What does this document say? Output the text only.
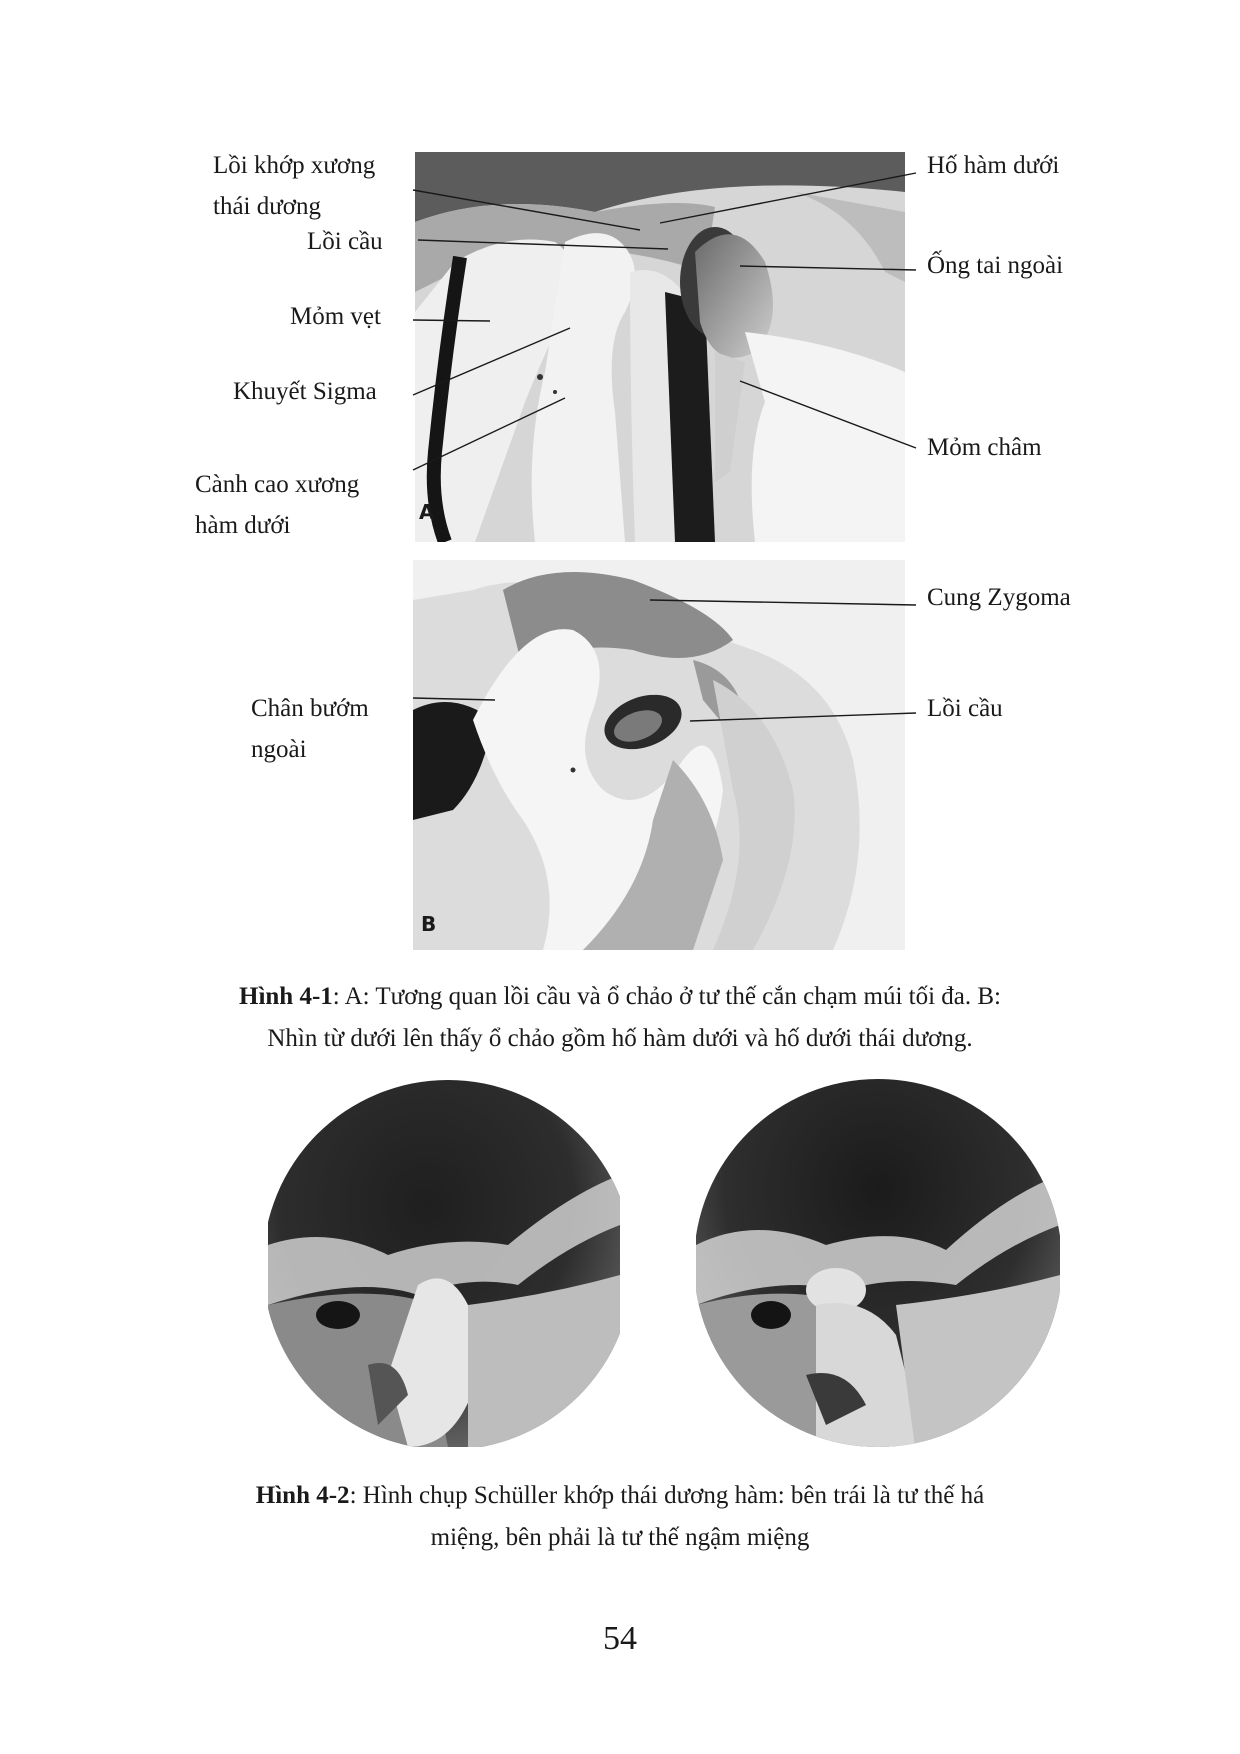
A
B
Lồi khớp xương
thái dương
Lồi cầu
Mỏm vẹt
Khuyết Sigma
Cành cao xương
hàm dưới
Hố hàm dưới
Ống tai ngoài
Mỏm châm
Chân bướm
ngoài
Cung Zygoma
Lồi cầu
Hình 4-1: A: Tương quan lồi cầu và ổ chảo ở tư thế cắn chạm múi tối đa. B:
Nhìn từ dưới lên thấy ổ chảo gồm hố hàm dưới và hố dưới thái dương.
Hình 4-2: Hình chụp Schüller khớp thái dương hàm: bên trái là tư thế há
miệng, bên phải là tư thế ngậm miệng
54
